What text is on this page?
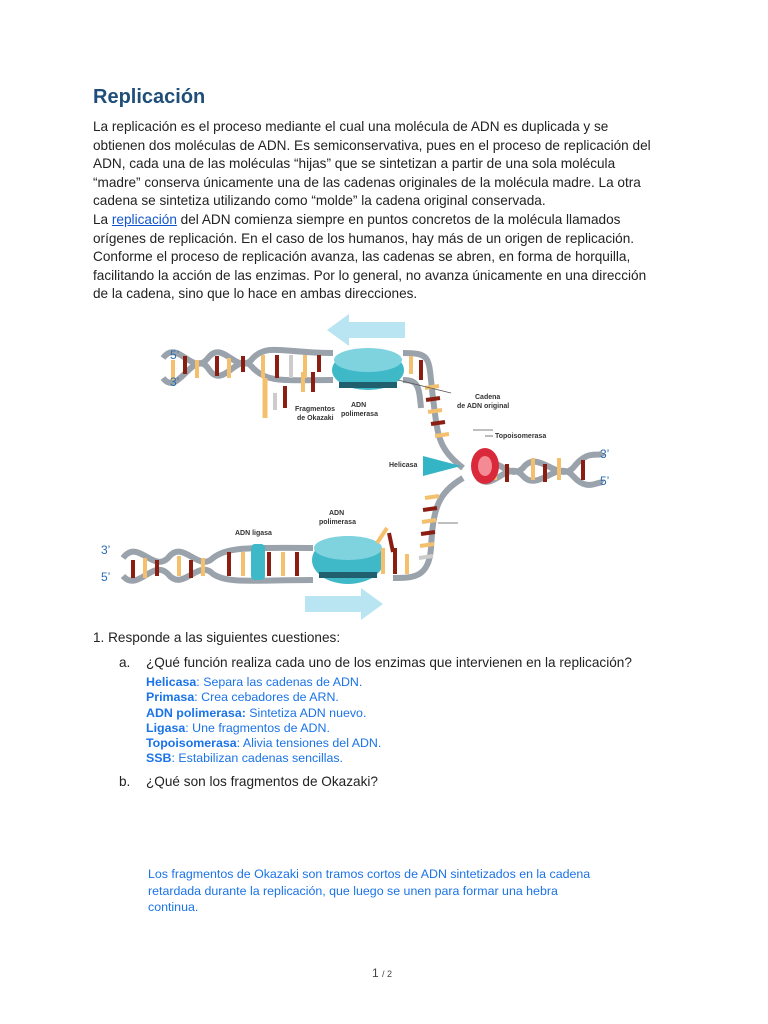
Replicación

La replicación es el proceso mediante el cual una molécula de ADN es duplicada y se obtienen dos moléculas de ADN. Es semiconservativa, pues en el proceso de replicación del ADN, cada una de las moléculas “hijas” que se sintetizan a partir de una sola molécula “madre” conserva únicamente una de las cadenas originales de la molécula madre. La otra cadena se sintetiza utilizando como “molde” la cadena original conservada.

La replicación del ADN comienza siempre en puntos concretos de la molécula llamados orígenes de replicación. En el caso de los humanos, hay más de un origen de replicación. Conforme el proceso de replicación avanza, las cadenas se abren, en forma de horquilla, facilitando la acción de las enzimas. Por lo general, no avanza únicamente en una dirección de la cadena, sino que lo hace en ambas direcciones.

5’
3’
Fragmentos
de Okazaki
ADN
polimerasa
Cadena
de ADN original
Topoisomerasa
Helicasa
3’
5’
ADN
polimerasa
ADN ligasa
3’
5’

1. Responde a las siguientes cuestiones:

a. ¿Qué función realiza cada uno de los enzimas que intervienen en la replicación?

Helicasa: Separa las cadenas de ADN.
Primasa: Crea cebadores de ARN.
ADN polimerasa: Sintetiza ADN nuevo.
Ligasa: Une fragmentos de ADN.
Topoisomerasa: Alivia tensiones del ADN.
SSB: Estabilizan cadenas sencillas.

b. ¿Qué son los fragmentos de Okazaki?

Los fragmentos de Okazaki son tramos cortos de ADN sintetizados en la cadena retardada durante la replicación, que luego se unen para formar una hebra continua.

1 / 2
